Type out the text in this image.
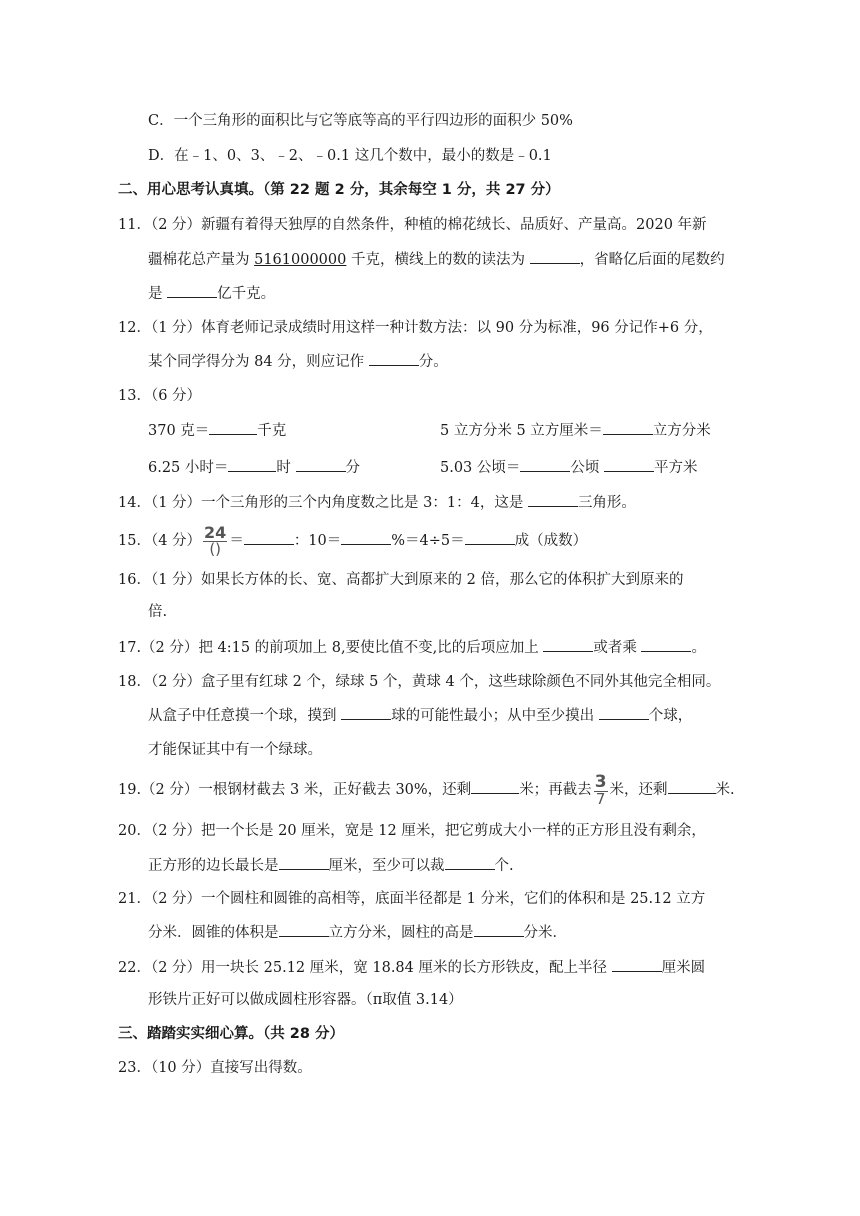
C．一个三角形的面积比与它等底等高的平行四边形的面积少 50%
D．在﹣1、0、3、﹣2、﹣0.1 这几个数中，最小的数是﹣0.1
二、用心思考认真填。（第 22 题 2 分，其余每空 1 分，共 27 分）
11．（2 分）新疆有着得天独厚的自然条件，种植的棉花绒长、品质好、产量高。2020 年新
疆棉花总产量为 5161000000 千克，横线上的数的读法为	，省略亿后面的尾数约
是	亿千克。
12．（1 分）体育老师记录成绩时用这样一种计数方法：以 90 分为标准，96 分记作+6 分，
某个同学得分为 84 分，则应记作	分。
13．（6 分）
370 克＝	千克	5 立方分米 5 立方厘米＝	立方分米
6.25 小时＝	时	分	5.03 公顷＝	公顷	平方米
14．（1 分）一个三角形的三个内角度数之比是 3：1：4，这是	三角形。
15．（4 分） $\frac{24}{()}$ ＝	：10＝	%＝4÷5＝	成（成数）
16．（1 分）如果长方体的长、宽、高都扩大到原来的 2 倍，那么它的体积扩大到原来的
倍.
17.（2 分）把 4:15 的前项加上 8,要使比值不变,比的后项应加上	或者乘	。
18．（2 分）盒子里有红球 2 个，绿球 5 个，黄球 4 个，这些球除颜色不同外其他完全相同。
从盒子中任意摸一个球，摸到	球的可能性最小；从中至少摸出	个球，
才能保证其中有一个绿球。
19.（2 分）一根钢材截去 3 米，正好截去 30%，还剩	米；再截去 $\frac{3}{7}$ 米，还剩	米.
20．（2 分）把一个长是 20 厘米，宽是 12 厘米，把它剪成大小一样的正方形且没有剩余，
正方形的边长最长是	厘米，至少可以裁	个.
21．（2 分）一个圆柱和圆锥的高相等，底面半径都是 1 分米，它们的体积和是 25.12 立方
分米．圆锥的体积是	立方分米，圆柱的高是	分米．
22．（2 分）用一块长 25.12 厘米，宽 18.84 厘米的长方形铁皮，配上半径	厘米圆
形铁片正好可以做成圆柱形容器。（π取值 3.14）
三、踏踏实实细心算。（共 28 分）
23．（10 分）直接写出得数。
